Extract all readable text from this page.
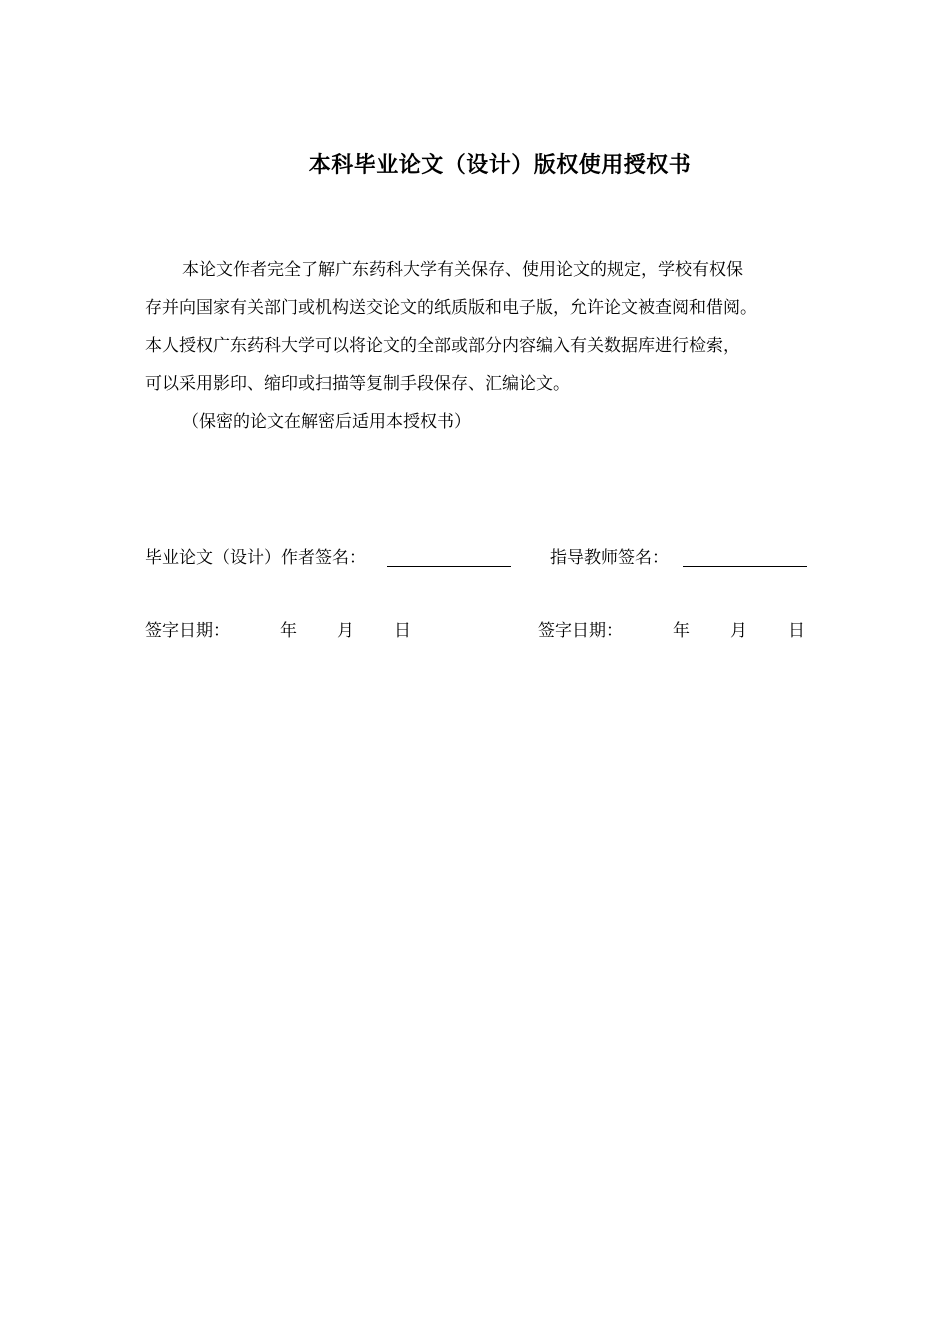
本科毕业论文（设计）版权使用授权书
本论文作者完全了解广东药科大学有关保存、使用论文的规定，学校有权保
存并向国家有关部门或机构送交论文的纸质版和电子版，允许论文被查阅和借阅。
本人授权广东药科大学可以将论文的全部或部分内容编入有关数据库进行检索，
可以采用影印、缩印或扫描等复制手段保存、汇编论文。
（保密的论文在解密后适用本授权书）
毕业论文（设计）作者签名：	指导教师签名：
签字日期：	年 月 日	签字日期：	年 月 日
